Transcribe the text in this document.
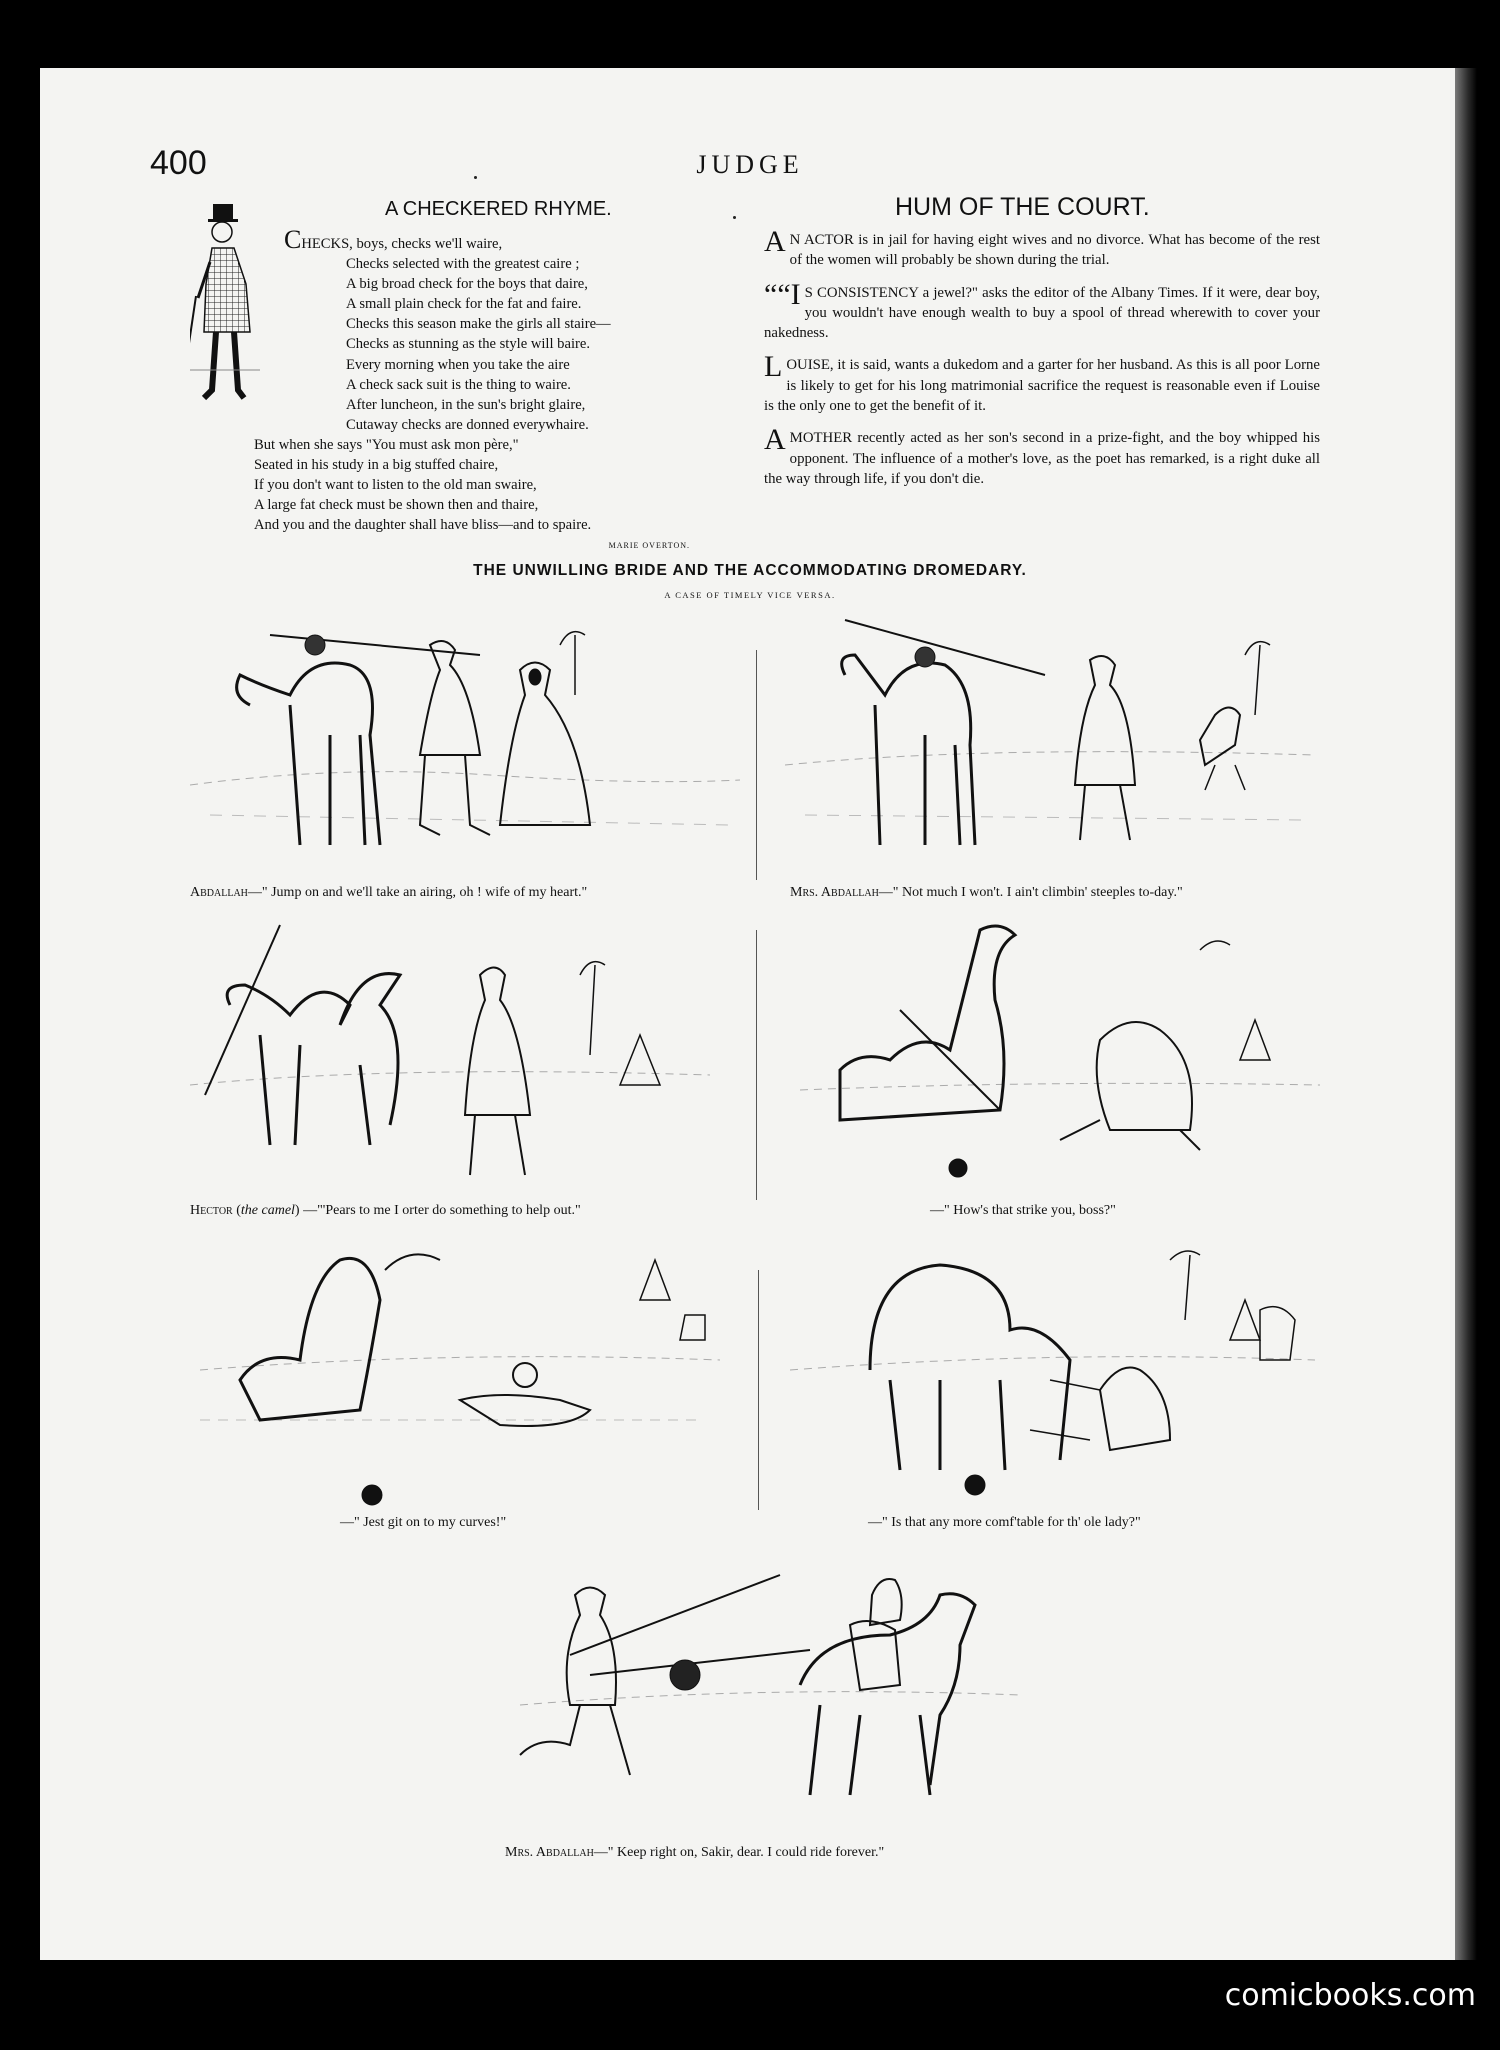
400	JUDGE
A CHECKERED RHYME.
CHECKS, boys, checks we'll waire,
Checks selected with the greatest caire ;
A big broad check for the boys that daire,
A small plain check for the fat and faire.
Checks this season make the girls all staire—
Checks as stunning as the style will baire.
Every morning when you take the aire
A check sack suit is the thing to waire.
After luncheon, in the sun's bright glaire,
Cutaway checks are donned everywhaire.
But when she says "You must ask mon père,"
Seated in his study in a big stuffed chaire,
If you don't want to listen to the old man swaire,
A large fat check must be shown then and thaire,
And you and the daughter shall have bliss—and to spaire.
MARIE OVERTON.
HUM OF THE COURT.

A N ACTOR is in jail for having eight wives and no divorce. What has become of the rest of the women will probably be shown during the trial.

““I S CONSISTENCY a jewel?" asks the editor of the Albany Times. If it were, dear boy, you wouldn't have enough wealth to buy a spool of thread wherewith to cover your nakedness.

LOUISE, it is said, wants a dukedom and a garter for her husband. As this is all poor Lorne is likely to get for his long matrimonial sacrifice the request is reasonable even if Louise is the only one to get the benefit of it.

A MOTHER recently acted as her son's second in a prize-fight, and the boy whipped his opponent. The influence of a mother's love, as the poet has remarked, is a right duke all the way through life, if you don't die.

THE UNWILLING BRIDE AND THE ACCOMMODATING DROMEDARY.
A CASE OF TIMELY VICE VERSA.
Abdallah—" Jump on and we'll take an airing, oh ! wife of my heart."	Mrs. Abdallah—" Not much I won't. I ain't climbin' steeples to-day."
Hector (the camel) —"'Pears to me I orter do something to help out."	—" How's that strike you, boss?"
—" Jest git on to my curves!"	—" Is that any more comf'table for th' ole lady?"
Mrs. Abdallah—" Keep right on, Sakir, dear. I could ride forever."
comicbooks.com
